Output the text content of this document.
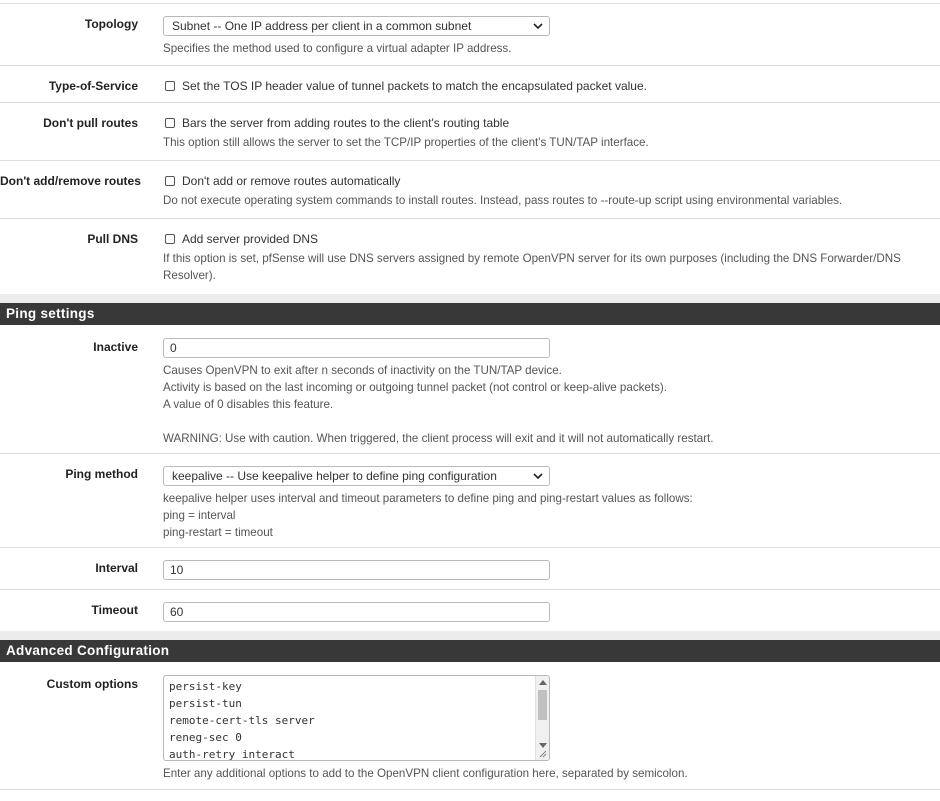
Topology	Subnet -- One IP address per client in a common subnet
Specifies the method used to configure a virtual adapter IP address.
Type-of-Service	Set the TOS IP header value of tunnel packets to match the encapsulated packet value.
Don't pull routes	Bars the server from adding routes to the client's routing table
This option still allows the server to set the TCP/IP properties of the client's TUN/TAP interface.
Don't add/remove routes	Don't add or remove routes automatically
Do not execute operating system commands to install routes. Instead, pass routes to --route-up script using environmental variables.
Pull DNS	Add server provided DNS
If this option is set, pfSense will use DNS servers assigned by remote OpenVPN server for its own purposes (including the DNS Forwarder/DNS Resolver).
Ping settings
Inactive	0
Causes OpenVPN to exit after n seconds of inactivity on the TUN/TAP device.
Activity is based on the last incoming or outgoing tunnel packet (not control or keep-alive packets).
A value of 0 disables this feature.
WARNING: Use with caution. When triggered, the client process will exit and it will not automatically restart.
Ping method	keepalive -- Use keepalive helper to define ping configuration
keepalive helper uses interval and timeout parameters to define ping and ping-restart values as follows:
ping = interval
ping-restart = timeout
Interval	10
Timeout	60
Advanced Configuration
Custom options	persist-key
persist-tun
remote-cert-tls server
reneg-sec 0
auth-retry interact
Enter any additional options to add to the OpenVPN client configuration here, separated by semicolon.
